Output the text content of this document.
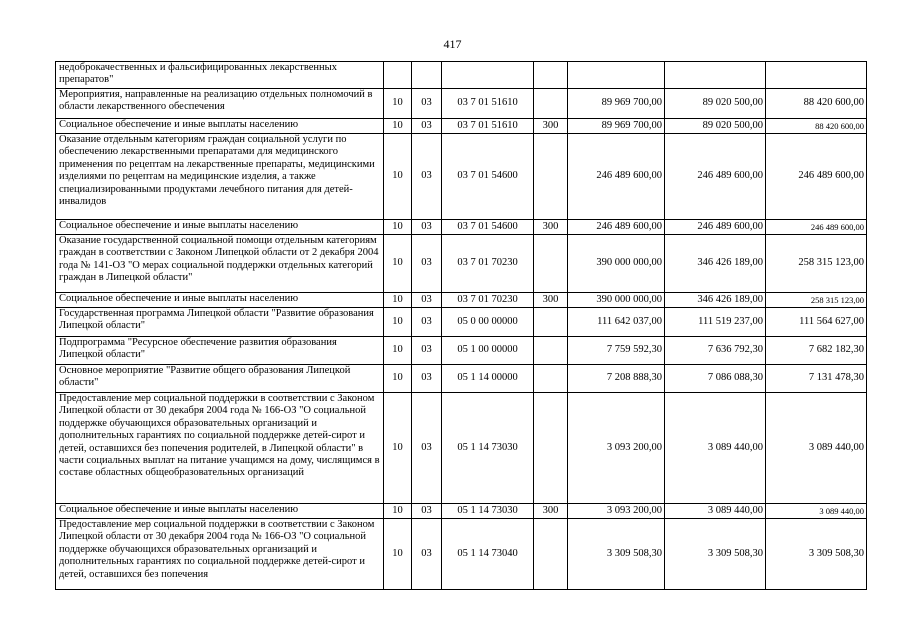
417
недоброкачественных и фальсифицированных лекарственных препаратов"							
Мероприятия, направленные на реализацию отдельных полномочий в области лекарственного обеспечения	10	03	03 7 01 51610		89 969 700,00	89 020 500,00	88 420 600,00
Социальное обеспечение и иные выплаты населению	10	03	03 7 01 51610	300	89 969 700,00	89 020 500,00	88 420 600,00
Оказание отдельным категориям граждан социальной услуги по обеспечению лекарственными препаратами для медицинского применения по рецептам на лекарственные препараты, медицинскими изделиями по рецептам на медицинские изделия, а также специализированными продуктами лечебного питания для детей-инвалидов	10	03	03 7 01 54600		246 489 600,00	246 489 600,00	246 489 600,00
Социальное обеспечение и иные выплаты населению	10	03	03 7 01 54600	300	246 489 600,00	246 489 600,00	246 489 600,00
Оказание государственной социальной помощи отдельным категориям граждан в соответствии с Законом Липецкой области от 2 декабря 2004 года № 141-ОЗ "О мерах социальной поддержки отдельных категорий граждан в Липецкой области"	10	03	03 7 01 70230		390 000 000,00	346 426 189,00	258 315 123,00
Социальное обеспечение и иные выплаты населению	10	03	03 7 01 70230	300	390 000 000,00	346 426 189,00	258 315 123,00
Государственная программа Липецкой области "Развитие образования Липецкой области"	10	03	05 0 00 00000		111 642 037,00	111 519 237,00	111 564 627,00
Подпрограмма "Ресурсное обеспечение развития образования Липецкой области"	10	03	05 1 00 00000		7 759 592,30	7 636 792,30	7 682 182,30
Основное мероприятие "Развитие общего образования Липецкой области"	10	03	05 1 14 00000		7 208 888,30	7 086 088,30	7 131 478,30
Предоставление мер социальной поддержки в соответствии с Законом Липецкой области от 30 декабря 2004 года № 166-ОЗ "О социальной поддержке обучающихся образовательных организаций и дополнительных гарантиях по социальной поддержке детей-сирот и детей, оставшихся без попечения родителей, в Липецкой области" в части социальных выплат на питание учащимся на дому, числящимся в составе областных общеобразовательных организаций	10	03	05 1 14 73030		3 093 200,00	3 089 440,00	3 089 440,00
Социальное обеспечение и иные выплаты населению	10	03	05 1 14 73030	300	3 093 200,00	3 089 440,00	3 089 440,00
Предоставление мер социальной поддержки в соответствии с Законом Липецкой области от 30 декабря 2004 года № 166-ОЗ "О социальной поддержке обучающихся образовательных организаций и дополнительных гарантиях по социальной поддержке детей-сирот и детей, оставшихся без попечения	10	03	05 1 14 73040		3 309 508,30	3 309 508,30	3 309 508,30
